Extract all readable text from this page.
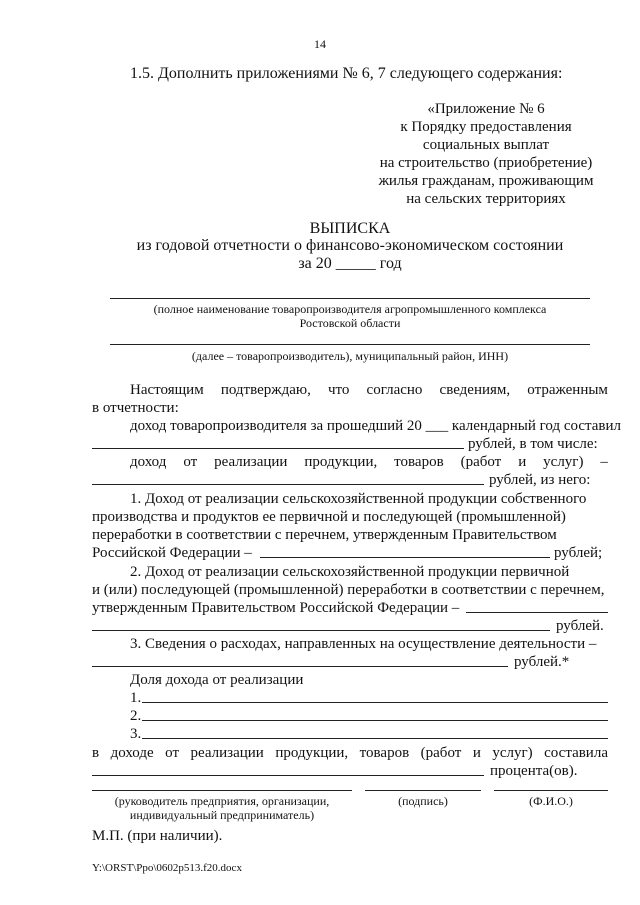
14
1.5. Дополнить приложениями № 6, 7 следующего содержания:
«Приложение № 6
к Порядку предоставления
социальных выплат
на строительство (приобретение)
жилья гражданам, проживающим
на сельских территориях
ВЫПИСКА
из годовой отчетности о финансово-экономическом состоянии
за 20 _____ год
(полное наименование товаропроизводителя агропромышленного комплекса
Ростовской области
(далее – товаропроизводитель), муниципальный район, ИНН)
Настоящим подтверждаю, что согласно сведениям, отраженным
в отчетности:
доход товаропроизводителя за прошедший 20 ___ календарный год составил
рублей, в том числе:
доход от реализации продукции, товаров (работ и услуг) –
рублей, из него:
1. Доход от реализации сельскохозяйственной продукции собственного
производства и продуктов ее первичной и последующей (промышленной)
переработки в соответствии с перечнем, утвержденным Правительством
Российской Федерации –	рублей;
2. Доход от реализации сельскохозяйственной продукции первичной
и (или) последующей (промышленной) переработки в соответствии с перечнем,
утвержденным Правительством Российской Федерации –
рублей.
3. Сведения о расходах, направленных на осуществление деятельности –
рублей.*
Доля дохода от реализации
1.
2.
3.
в доходе от реализации продукции, товаров (работ и услуг) составила
процента(ов).
(руководитель предприятия, организации,
индивидуальный предприниматель)
(подпись)	(Ф.И.О.)
М.П. (при наличии).
Y:\ORST\Ppo\0602p513.f20.docx
